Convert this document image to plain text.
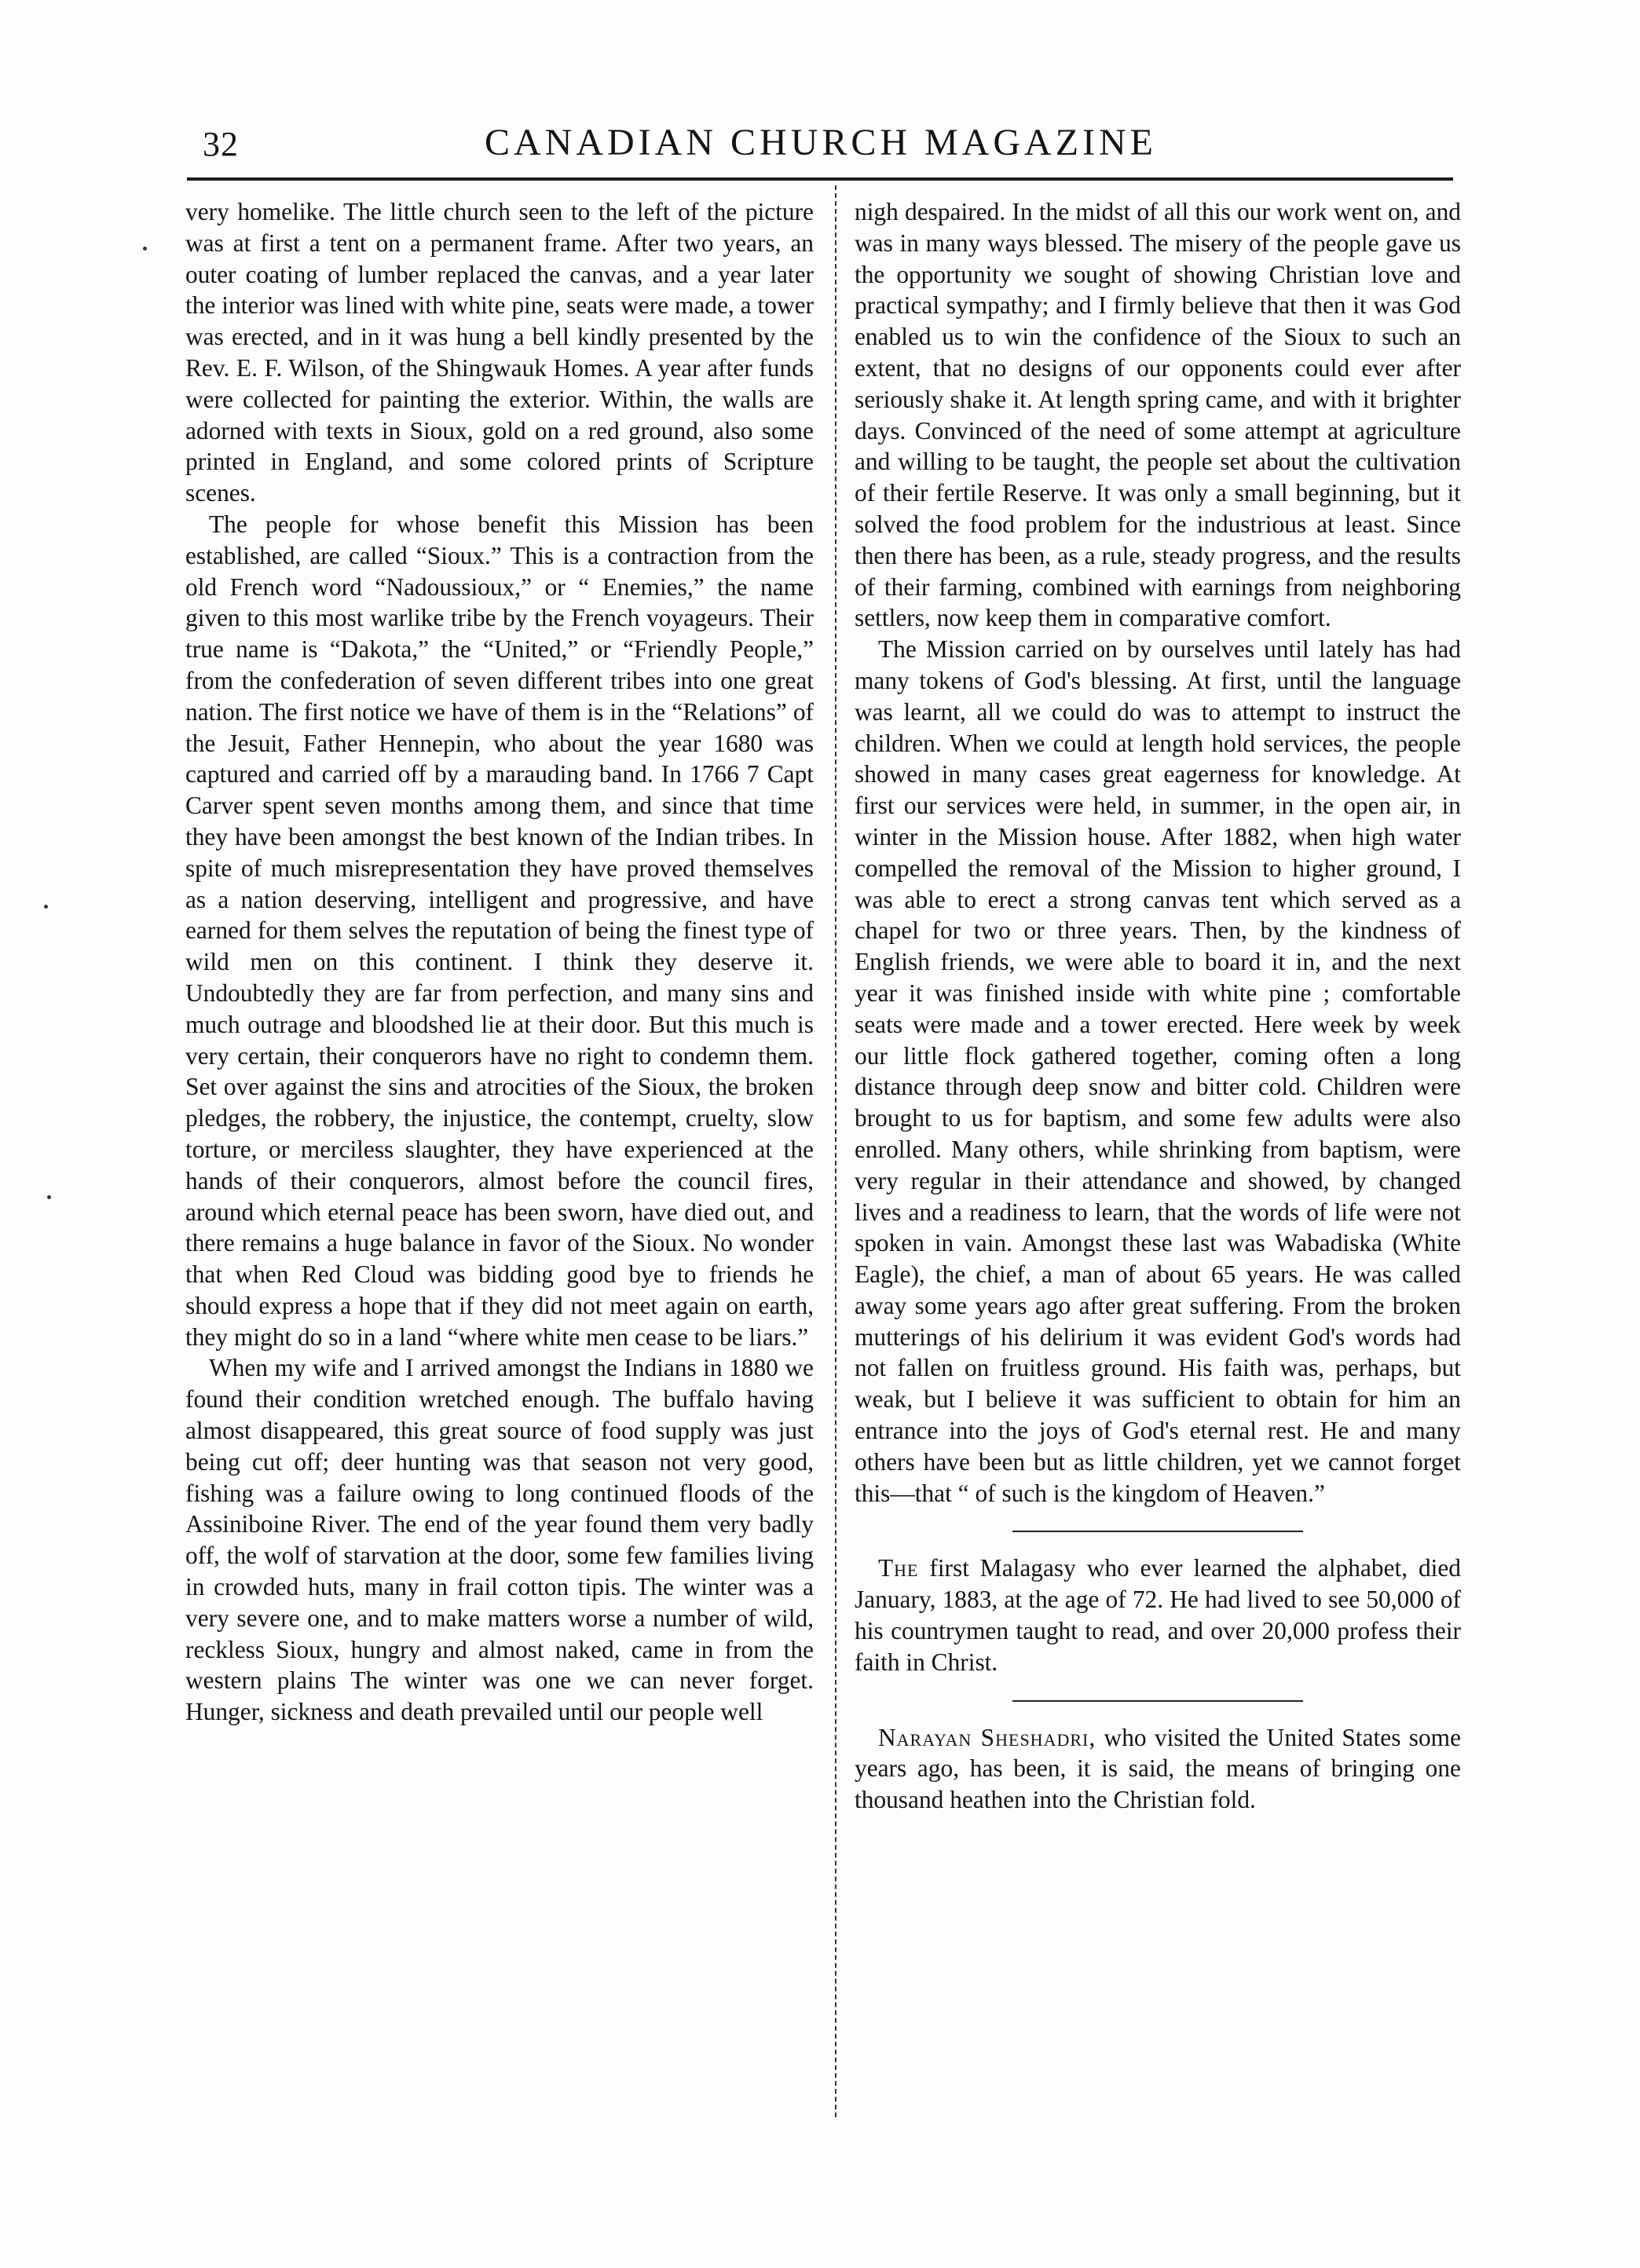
32	CANADIAN CHURCH MAGAZINE

very homelike. The little church seen to the left of the picture was at first a tent on a permanent frame. After two years, an outer coating of lumber replaced the canvas, and a year later the interior was lined with white pine, seats were made, a tower was erected, and in it was hung a bell kindly presented by the Rev. E. F. Wilson, of the Shingwauk Homes. A year after funds were collected for painting the exterior. Within, the walls are adorned with texts in Sioux, gold on a red ground, also some printed in England, and some colored prints of Scripture scenes.

The people for whose benefit this Mission has been established, are called “Sioux.” This is a contraction from the old French word “Nadoussioux,” or “ Enemies,” the name given to this most warlike tribe by the French voyageurs. Their true name is “Dakota,” the “United,” or “Friendly People,” from the confederation of seven different tribes into one great nation. The first notice we have of them is in the “Relations” of the Jesuit, Father Hennepin, who about the year 1680 was captured and carried off by a marauding band. In 1766 7 Capt Carver spent seven months among them, and since that time they have been amongst the best known of the Indian tribes. In spite of much misrepresentation they have proved themselves as a nation deserving, intelligent and progressive, and have earned for them selves the reputation of being the finest type of wild men on this continent. I think they deserve it. Undoubtedly they are far from perfection, and many sins and much outrage and bloodshed lie at their door. But this much is very certain, their conquerors have no right to condemn them. Set over against the sins and atrocities of the Sioux, the broken pledges, the robbery, the injustice, the contempt, cruelty, slow torture, or merciless slaughter, they have experienced at the hands of their conquerors, almost before the council fires, around which eternal peace has been sworn, have died out, and there remains a huge balance in favor of the Sioux. No wonder that when Red Cloud was bidding good bye to friends he should express a hope that if they did not meet again on earth, they might do so in a land “where white men cease to be liars.”

When my wife and I arrived amongst the Indians in 1880 we found their condition wretched enough. The buffalo having almost disappeared, this great source of food supply was just being cut off; deer hunting was that season not very good, fishing was a failure owing to long continued floods of the Assiniboine River. The end of the year found them very badly off, the wolf of starvation at the door, some few families living in crowded huts, many in frail cotton tipis. The winter was a very severe one, and to make matters worse a number of wild, reckless Sioux, hungry and almost naked, came in from the western plains The winter was one we can never forget. Hunger, sickness and death prevailed until our people well

nigh despaired. In the midst of all this our work went on, and was in many ways blessed. The misery of the people gave us the opportunity we sought of showing Christian love and practical sympathy; and I firmly believe that then it was God enabled us to win the confidence of the Sioux to such an extent, that no designs of our opponents could ever after seriously shake it. At length spring came, and with it brighter days. Convinced of the need of some attempt at agriculture and willing to be taught, the people set about the cultivation of their fertile Reserve. It was only a small beginning, but it solved the food problem for the industrious at least. Since then there has been, as a rule, steady progress, and the results of their farming, combined with earnings from neighboring settlers, now keep them in comparative comfort.

The Mission carried on by ourselves until lately has had many tokens of God's blessing. At first, until the language was learnt, all we could do was to attempt to instruct the children. When we could at length hold services, the people showed in many cases great eagerness for knowledge. At first our services were held, in summer, in the open air, in winter in the Mission house. After 1882, when high water compelled the removal of the Mission to higher ground, I was able to erect a strong canvas tent which served as a chapel for two or three years. Then, by the kindness of English friends, we were able to board it in, and the next year it was finished inside with white pine ; comfortable seats were made and a tower erected. Here week by week our little flock gathered together, coming often a long distance through deep snow and bitter cold. Children were brought to us for baptism, and some few adults were also enrolled. Many others, while shrinking from baptism, were very regular in their attendance and showed, by changed lives and a readiness to learn, that the words of life were not spoken in vain. Amongst these last was Wabadiska (White Eagle), the chief, a man of about 65 years. He was called away some years ago after great suffering. From the broken mutterings of his delirium it was evident God's words had not fallen on fruitless ground. His faith was, perhaps, but weak, but I believe it was sufficient to obtain for him an entrance into the joys of God's eternal rest. He and many others have been but as little children, yet we cannot forget this—that “ of such is the kingdom of Heaven.”

The first Malagasy who ever learned the alphabet, died January, 1883, at the age of 72. He had lived to see 50,000 of his countrymen taught to read, and over 20,000 profess their faith in Christ.

Narayan Sheshadri, who visited the United States some years ago, has been, it is said, the means of bringing one thousand heathen into the Christian fold.
